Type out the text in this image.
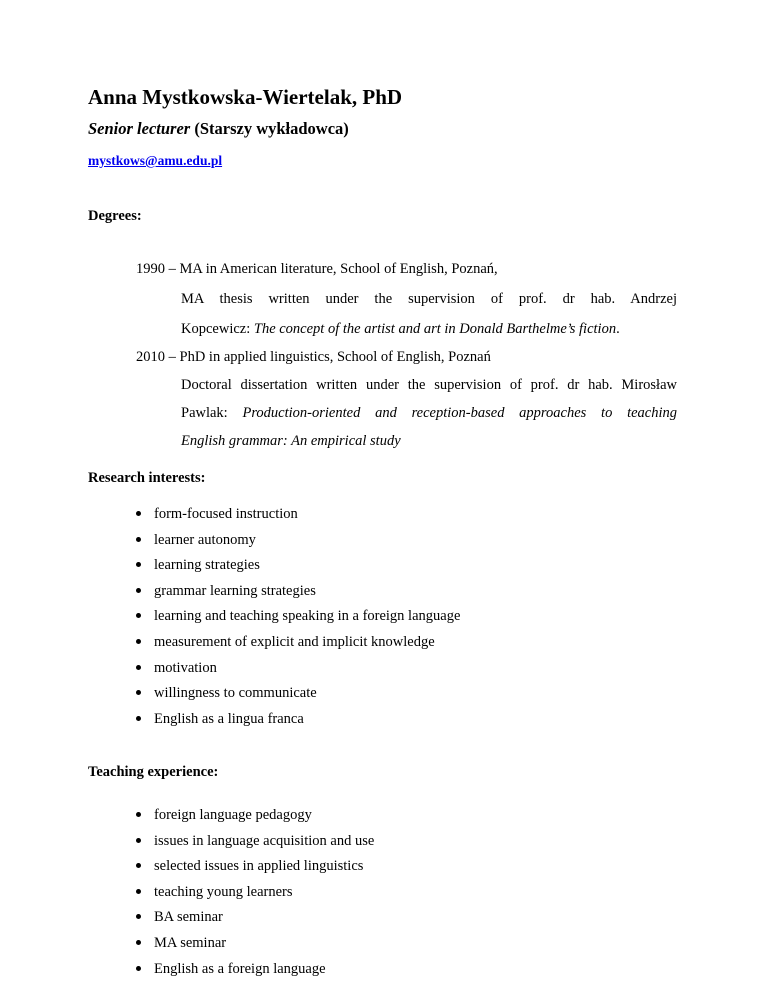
Anna Mystkowska-Wiertelak, PhD
Senior lecturer (Starszy wykładowca)
mystkows@amu.edu.pl
Degrees:
1990 – MA in American literature, School of English, Poznań,
MA thesis written under the supervision of prof. dr hab. Andrzej
Kopcewicz: The concept of the artist and art in Donald Barthelme’s fiction.
2010 – PhD in applied linguistics, School of English, Poznań
Doctoral dissertation written under the supervision of prof. dr hab. Mirosław
Pawlak: Production-oriented and reception-based approaches to teaching
English grammar: An empirical study
Research interests:
form-focused instruction
learner autonomy
learning strategies
grammar learning strategies
learning and teaching speaking in a foreign language
measurement of explicit and implicit knowledge
motivation
willingness to communicate
English as a lingua franca
Teaching experience:
foreign language pedagogy
issues in language acquisition and use
selected issues in applied linguistics
teaching young learners
BA seminar
MA seminar
English as a foreign language
